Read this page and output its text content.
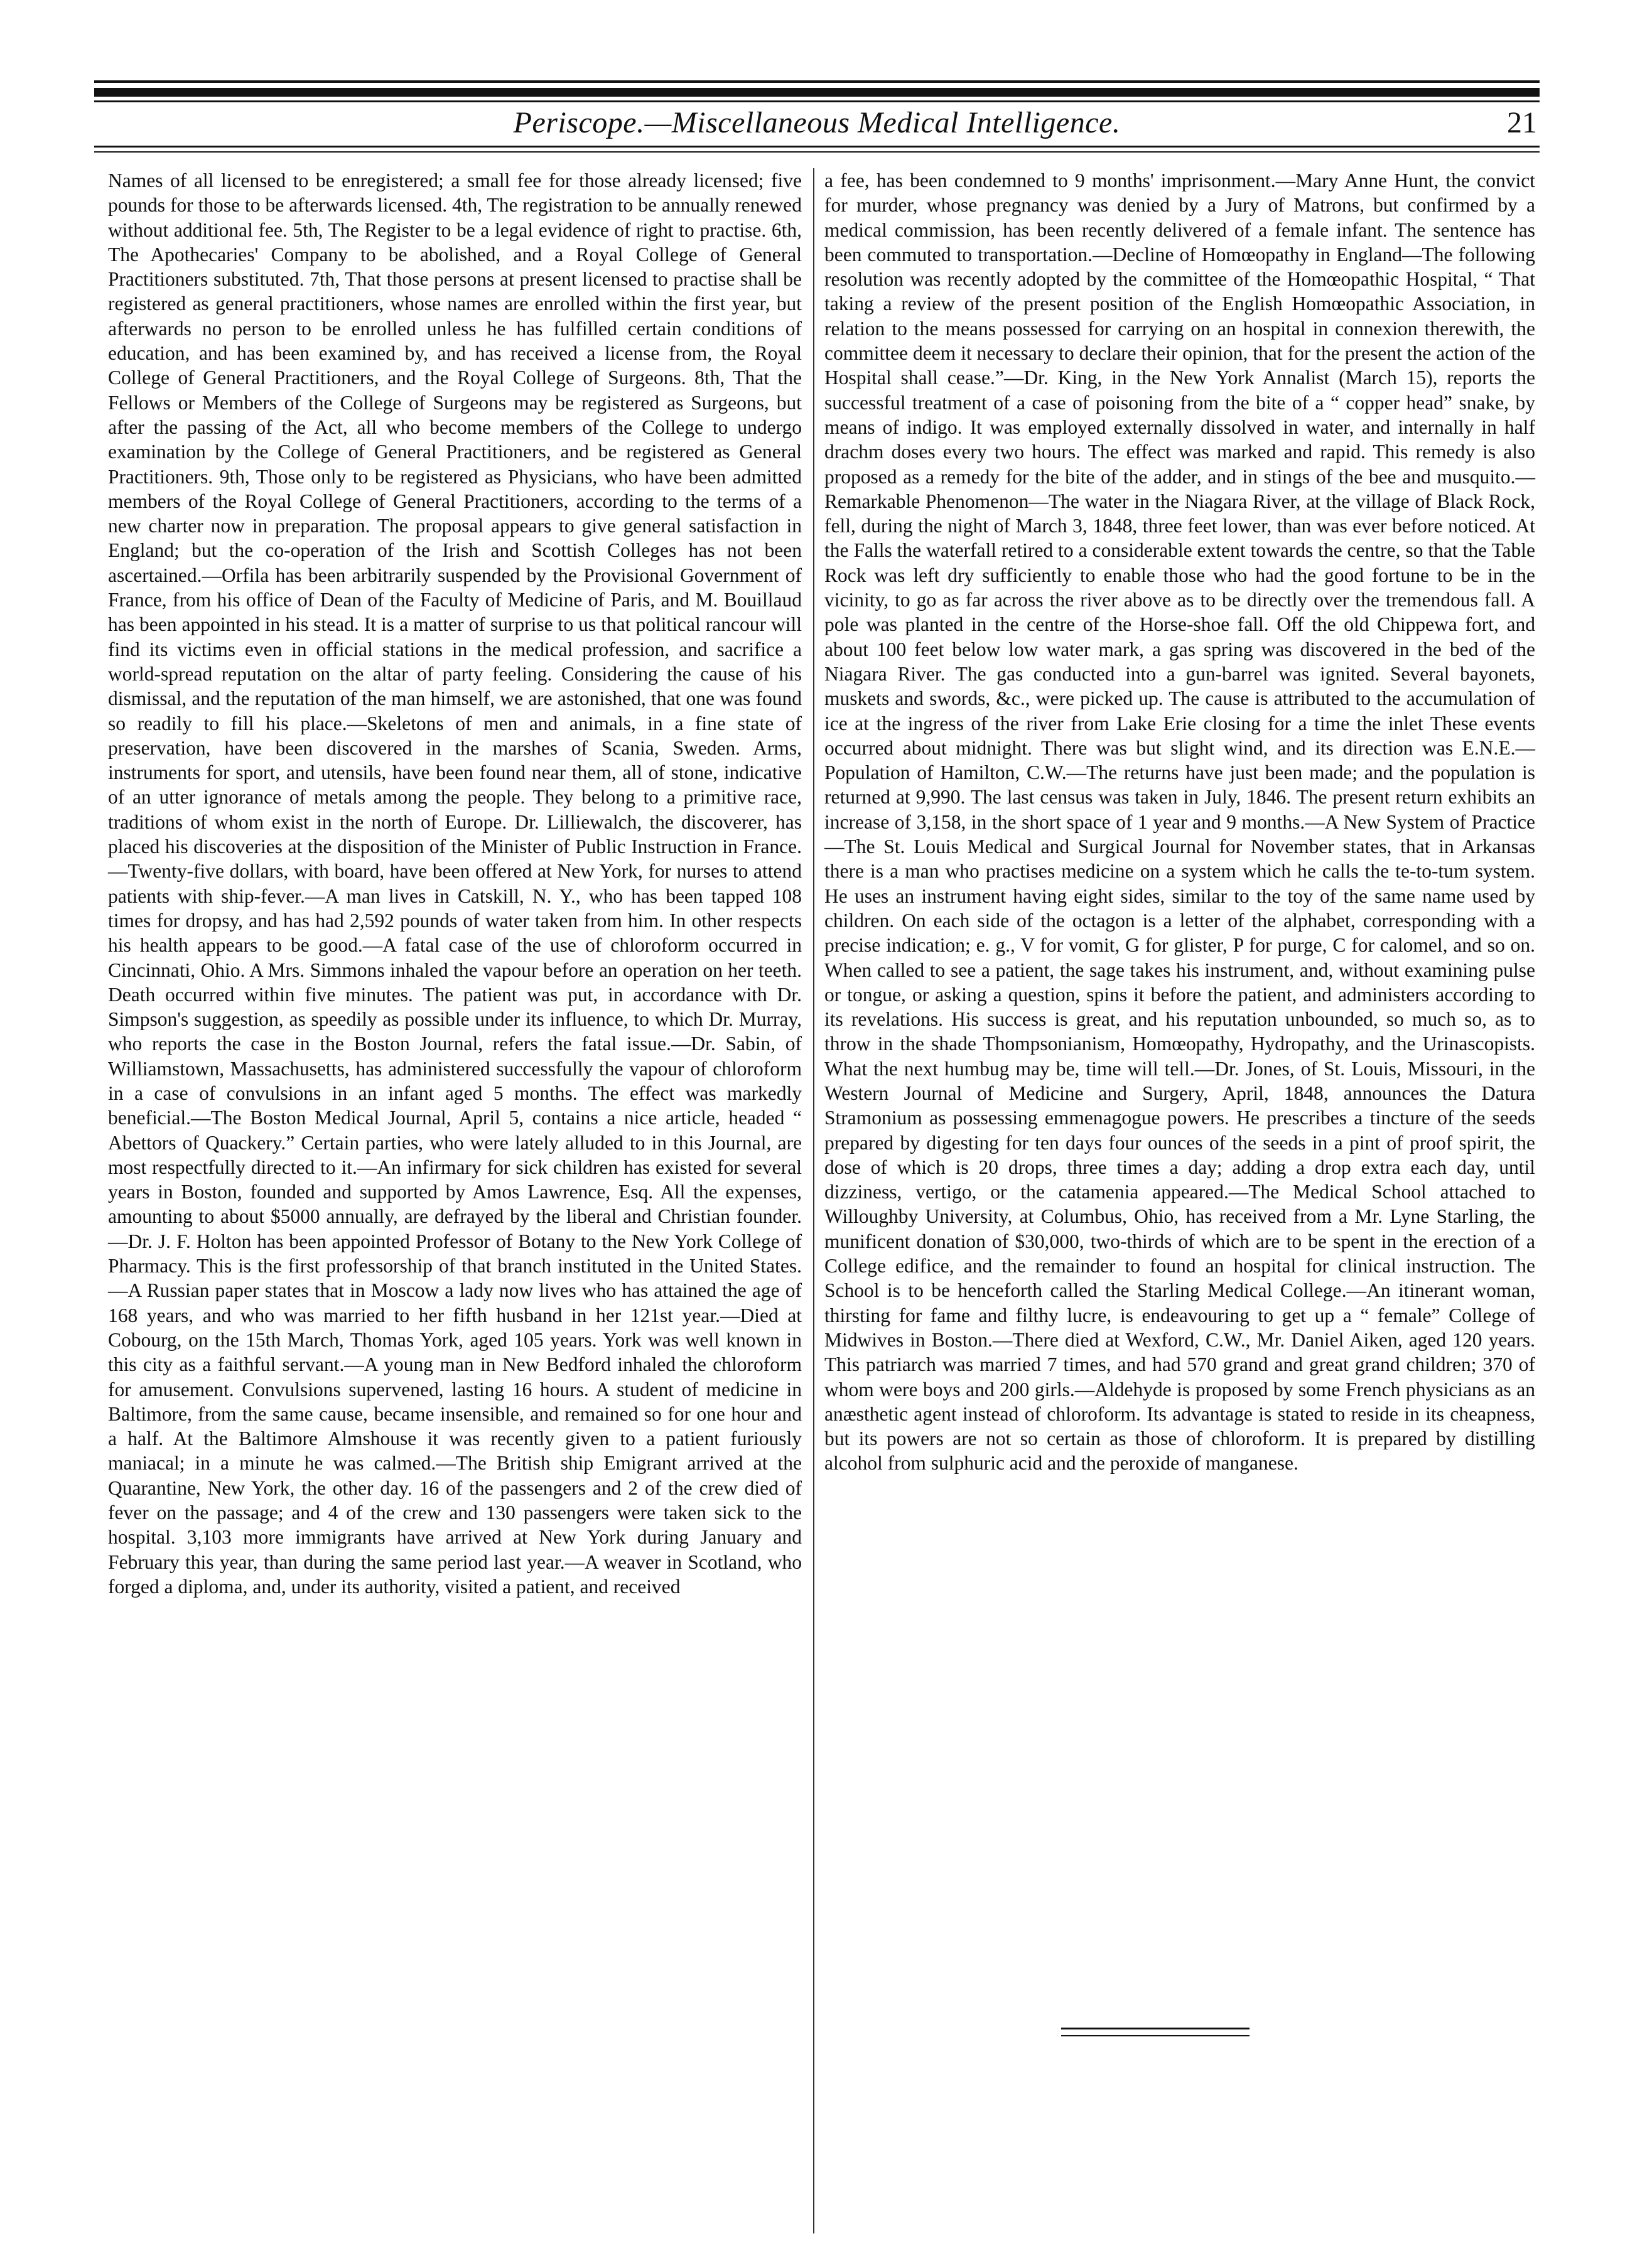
Periscope.—Miscellaneous Medical Intelligence.	21
Names of all licensed to be enregistered; a small fee for those already licensed; five pounds for those to be afterwards licensed. 4th, The registration to be annually renewed without additional fee. 5th, The Register to be a legal evidence of right to practise. 6th, The Apothecaries' Company to be abolished, and a Royal College of General Practitioners substituted. 7th, That those persons at present licensed to practise shall be registered as general practitioners, whose names are enrolled within the first year, but afterwards no person to be enrolled unless he has fulfilled certain conditions of education, and has been examined by, and has received a license from, the Royal College of General Practitioners, and the Royal College of Surgeons. 8th, That the Fellows or Members of the College of Surgeons may be registered as Surgeons, but after the passing of the Act, all who become members of the College to undergo examination by the College of General Practitioners, and be registered as General Practitioners. 9th, Those only to be registered as Physicians, who have been admitted members of the Royal College of General Practitioners, according to the terms of a new charter now in preparation. The proposal appears to give general satisfaction in England; but the co-operation of the Irish and Scottish Colleges has not been ascertained.—Orfila has been arbitrarily suspended by the Provisional Government of France, from his office of Dean of the Faculty of Medicine of Paris, and M. Bouillaud has been appointed in his stead. It is a matter of surprise to us that political rancour will find its victims even in official stations in the medical profession, and sacrifice a world-spread reputation on the altar of party feeling. Considering the cause of his dismissal, and the reputation of the man himself, we are astonished, that one was found so readily to fill his place.—Skeletons of men and animals, in a fine state of preservation, have been discovered in the marshes of Scania, Sweden. Arms, instruments for sport, and utensils, have been found near them, all of stone, indicative of an utter ignorance of metals among the people. They belong to a primitive race, traditions of whom exist in the north of Europe. Dr. Lilliewalch, the discoverer, has placed his discoveries at the disposition of the Minister of Public Instruction in France.—Twenty-five dollars, with board, have been offered at New York, for nurses to attend patients with ship-fever.—A man lives in Catskill, N. Y., who has been tapped 108 times for dropsy, and has had 2,592 pounds of water taken from him. In other respects his health appears to be good.—A fatal case of the use of chloroform occurred in Cincinnati, Ohio. A Mrs. Simmons inhaled the vapour before an operation on her teeth. Death occurred within five minutes. The patient was put, in accordance with Dr. Simpson's suggestion, as speedily as possible under its influence, to which Dr. Murray, who reports the case in the Boston Journal, refers the fatal issue.—Dr. Sabin, of Williamstown, Massachusetts, has administered successfully the vapour of chloroform in a case of convulsions in an infant aged 5 months. The effect was markedly beneficial.—The Boston Medical Journal, April 5, contains a nice article, headed “ Abettors of Quackery.” Certain parties, who were lately alluded to in this Journal, are most respectfully directed to it.—An infirmary for sick children has existed for several years in Boston, founded and supported by Amos Lawrence, Esq. All the expenses, amounting to about $5000 annually, are defrayed by the liberal and Christian founder.—Dr. J. F. Holton has been appointed Professor of Botany to the New York College of Pharmacy. This is the first professorship of that branch instituted in the United States.—A Russian paper states that in Moscow a lady now lives who has attained the age of 168 years, and who was married to her fifth husband in her 121st year.—Died at Cobourg, on the 15th March, Thomas York, aged 105 years. York was well known in this city as a faithful servant.—A young man in New Bedford inhaled the chloroform for amusement. Convulsions supervened, lasting 16 hours. A student of medicine in Baltimore, from the same cause, became insensible, and remained so for one hour and a half. At the Baltimore Almshouse it was recently given to a patient furiously maniacal; in a minute he was calmed.—The British ship Emigrant arrived at the Quarantine, New York, the other day. 16 of the passengers and 2 of the crew died of fever on the passage; and 4 of the crew and 130 passengers were taken sick to the hospital. 3,103 more immigrants have arrived at New York during January and February this year, than during the same period last year.—A weaver in Scotland, who forged a diploma, and, under its authority, visited a patient, and received
a fee, has been condemned to 9 months' imprisonment.—Mary Anne Hunt, the convict for murder, whose pregnancy was denied by a Jury of Matrons, but confirmed by a medical commission, has been recently delivered of a female infant. The sentence has been commuted to transportation.—Decline of Homœopathy in England—The following resolution was recently adopted by the committee of the Homœopathic Hospital, “ That taking a review of the present position of the English Homœopathic Association, in relation to the means possessed for carrying on an hospital in connexion therewith, the committee deem it necessary to declare their opinion, that for the present the action of the Hospital shall cease.”—Dr. King, in the New York Annalist (March 15), reports the successful treatment of a case of poisoning from the bite of a “ copper head” snake, by means of indigo. It was employed externally dissolved in water, and internally in half drachm doses every two hours. The effect was marked and rapid. This remedy is also proposed as a remedy for the bite of the adder, and in stings of the bee and musquito.—Remarkable Phenomenon—The water in the Niagara River, at the village of Black Rock, fell, during the night of March 3, 1848, three feet lower, than was ever before noticed. At the Falls the waterfall retired to a considerable extent towards the centre, so that the Table Rock was left dry sufficiently to enable those who had the good fortune to be in the vicinity, to go as far across the river above as to be directly over the tremendous fall. A pole was planted in the centre of the Horse-shoe fall. Off the old Chippewa fort, and about 100 feet below low water mark, a gas spring was discovered in the bed of the Niagara River. The gas conducted into a gun-barrel was ignited. Several bayonets, muskets and swords, &c., were picked up. The cause is attributed to the accumulation of ice at the ingress of the river from Lake Erie closing for a time the inlet These events occurred about midnight. There was but slight wind, and its direction was E.N.E.—Population of Hamilton, C.W.—The returns have just been made; and the population is returned at 9,990. The last census was taken in July, 1846. The present return exhibits an increase of 3,158, in the short space of 1 year and 9 months.—A New System of Practice—The St. Louis Medical and Surgical Journal for November states, that in Arkansas there is a man who practises medicine on a system which he calls the te-to-tum system. He uses an instrument having eight sides, similar to the toy of the same name used by children. On each side of the octagon is a letter of the alphabet, corresponding with a precise indication; e. g., V for vomit, G for glister, P for purge, C for calomel, and so on. When called to see a patient, the sage takes his instrument, and, without examining pulse or tongue, or asking a question, spins it before the patient, and administers according to its revelations. His success is great, and his reputation unbounded, so much so, as to throw in the shade Thompsonianism, Homœopathy, Hydropathy, and the Urinascopists. What the next humbug may be, time will tell.—Dr. Jones, of St. Louis, Missouri, in the Western Journal of Medicine and Surgery, April, 1848, announces the Datura Stramonium as possessing emmenagogue powers. He prescribes a tincture of the seeds prepared by digesting for ten days four ounces of the seeds in a pint of proof spirit, the dose of which is 20 drops, three times a day; adding a drop extra each day, until dizziness, vertigo, or the catamenia appeared.—The Medical School attached to Willoughby University, at Columbus, Ohio, has received from a Mr. Lyne Starling, the munificent donation of $30,000, two-thirds of which are to be spent in the erection of a College edifice, and the remainder to found an hospital for clinical instruction. The School is to be henceforth called the Starling Medical College.—An itinerant woman, thirsting for fame and filthy lucre, is endeavouring to get up a “ female” College of Midwives in Boston.—There died at Wexford, C.W., Mr. Daniel Aiken, aged 120 years. This patriarch was married 7 times, and had 570 grand and great grand children; 370 of whom were boys and 200 girls.—Aldehyde is proposed by some French physicians as an anæsthetic agent instead of chloroform. Its advantage is stated to reside in its cheapness, but its powers are not so certain as those of chloroform. It is prepared by distilling alcohol from sulphuric acid and the peroxide of manganese.
